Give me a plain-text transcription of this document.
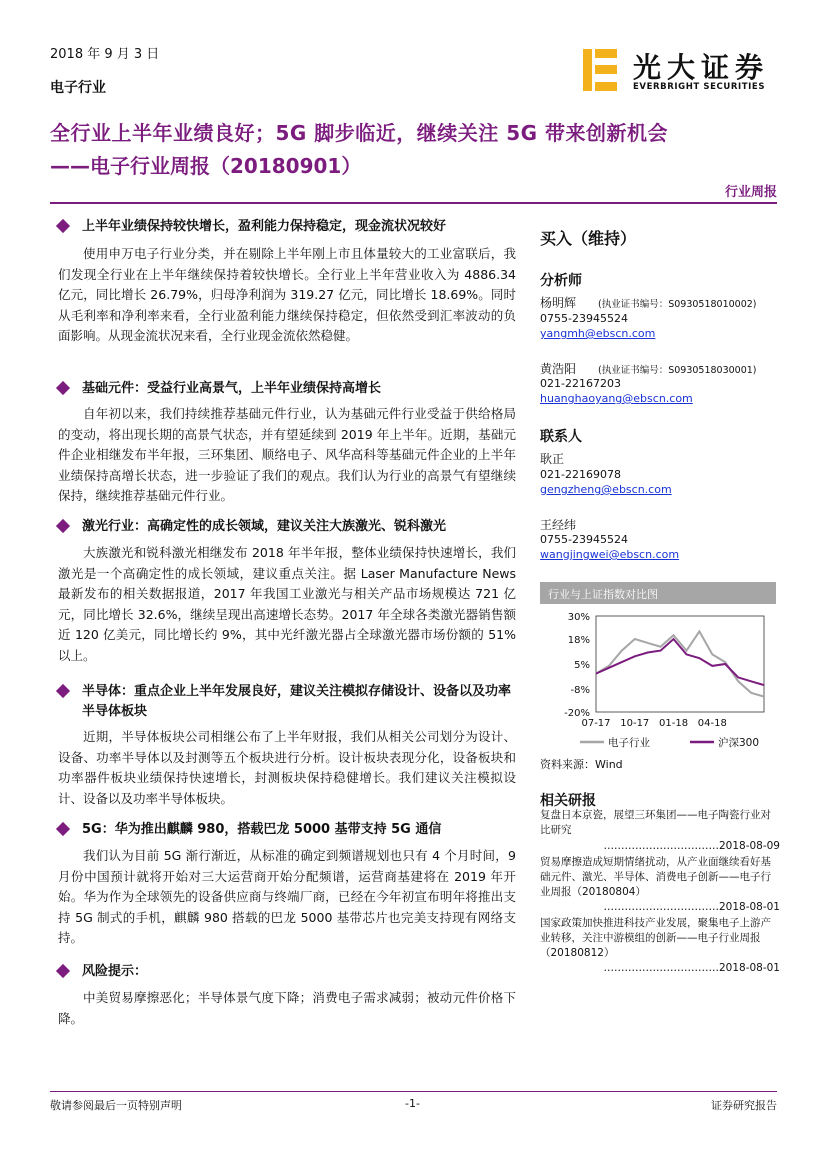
2018 年 9 月 3 日
电子行业
光大证券
EVERBRIGHT SECURITIES
全行业上半年业绩良好；5G 脚步临近，继续关注 5G 带来创新机会
——电子行业周报（20180901）
行业周报
上半年业绩保持较快增长，盈利能力保持稳定，现金流状况较好
使用申万电子行业分类，并在剔除上半年刚上市且体量较大的工业富联后，我们发现全行业在上半年继续保持着较快增长。全行业上半年营业收入为 4886.34 亿元，同比增长 26.79%，归母净利润为 319.27 亿元，同比增长 18.69%。同时从毛利率和净利率来看，全行业盈利能力继续保持稳定，但依然受到汇率波动的负面影响。从现金流状况来看，全行业现金流依然稳健。
基础元件：受益行业高景气，上半年业绩保持高增长
自年初以来，我们持续推荐基础元件行业，认为基础元件行业受益于供给格局的变动，将出现长期的高景气状态，并有望延续到 2019 年上半年。近期，基础元件企业相继发布半年报，三环集团、顺络电子、风华高科等基础元件企业的上半年业绩保持高增长状态，进一步验证了我们的观点。我们认为行业的高景气有望继续保持，继续推荐基础元件行业。
激光行业：高确定性的成长领域，建议关注大族激光、锐科激光
大族激光和锐科激光相继发布 2018 年半年报，整体业绩保持快速增长，我们激光是一个高确定性的成长领域，建议重点关注。据 Laser Manufacture News 最新发布的相关数据报道，2017 年我国工业激光与相关产品市场规模达 721 亿元，同比增长 32.6%，继续呈现出高速增长态势。2017 年全球各类激光器销售额近 120 亿美元，同比增长约 9%，其中光纤激光器占全球激光器市场份额的 51%以上。
半导体：重点企业上半年发展良好，建议关注模拟存储设计、设备以及功率半导体板块
近期，半导体板块公司相继公布了上半年财报，我们从相关公司划分为设计、设备、功率半导体以及封测等五个板块进行分析。设计板块表现分化，设备板块和功率器件板块业绩保持快速增长，封测板块保持稳健增长。我们建议关注模拟设计、设备以及功率半导体板块。
5G：华为推出麒麟 980，搭载巴龙 5000 基带支持 5G 通信
我们认为目前 5G 渐行渐近，从标准的确定到频谱规划也只有 4 个月时间，9 月份中国预计就将开始对三大运营商开始分配频谱，运营商基建将在 2019 年开始。华为作为全球领先的设备供应商与终端厂商，已经在今年初宣布明年将推出支持 5G 制式的手机，麒麟 980 搭载的巴龙 5000 基带芯片也完美支持现有网络支持。
风险提示：
中美贸易摩擦恶化；半导体景气度下降；消费电子需求减弱；被动元件价格下降。
买入（维持）
分析师
杨明辉	(执业证书编号：S0930518010002)
0755-23945524
yangmh@ebscn.com
黄浩阳	(执业证书编号：S0930518030001)
021-22167203
huanghaoyang@ebscn.com
联系人
耿正
021-22169078
gengzheng@ebscn.com
王经纬
0755-23945524
wangjingwei@ebscn.com
行业与上证指数对比图
30%
18%
5%
-8%
-20%
07-17 10-17 01-18 04-18
电子行业	沪深300
资料来源：Wind
相关研报
复盘日本京瓷，展望三环集团——电子陶瓷行业对比研究
……………………………2018-08-09
贸易摩擦造成短期情绪扰动，从产业面继续看好基础元件、激光、半导体、消费电子创新——电子行业周报（20180804）
……………………………2018-08-01
国家政策加快推进科技产业发展，聚集电子上游产业转移，关注中游模组的创新——电子行业周报（20180812）
……………………………2018-08-01
敬请参阅最后一页特别声明	-1-	证券研究报告
